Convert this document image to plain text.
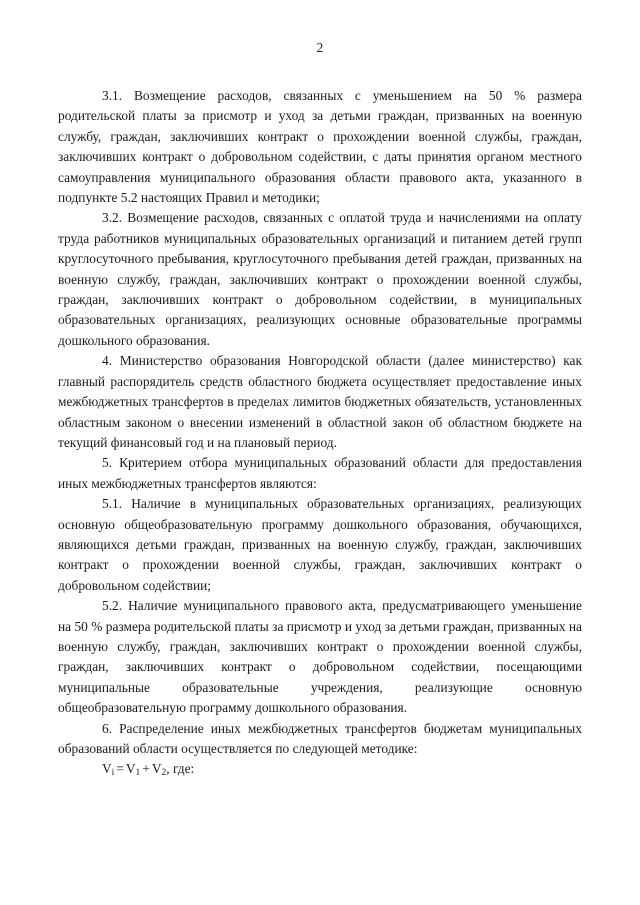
2

3.1. Возмещение расходов, связанных с уменьшением на 50 % размера родительской платы за присмотр и уход за детьми граждан, призванных на военную службу, граждан, заключивших контракт о прохождении военной службы, граждан, заключивших контракт о добровольном содействии, с даты принятия органом местного самоуправления муниципального образования области правового акта, указанного в подпункте 5.2 настоящих Правил и методики;

3.2. Возмещение расходов, связанных с оплатой труда и начислениями на оплату труда работников муниципальных образовательных организаций и питанием детей групп круглосуточного пребывания, круглосуточного пребывания детей граждан, призванных на военную службу, граждан, заключивших контракт о прохождении военной службы, граждан, заключивших контракт о добровольном содействии, в муниципальных образовательных организациях, реализующих основные образовательные программы дошкольного образования.

4. Министерство образования Новгородской области (далее министерство) как главный распорядитель средств областного бюджета осуществляет предоставление иных межбюджетных трансфертов в пределах лимитов бюджетных обязательств, установленных областным законом о внесении изменений в областной закон об областном бюджете на текущий финансовый год и на плановый период.

5. Критерием отбора муниципальных образований области для предоставления иных межбюджетных трансфертов являются:

5.1. Наличие в муниципальных образовательных организациях, реализующих основную общеобразовательную программу дошкольного образования, обучающихся, являющихся детьми граждан, призванных на военную службу, граждан, заключивших контракт о прохождении военной службы, граждан, заключивших контракт о добровольном содействии;

5.2. Наличие муниципального правового акта, предусматривающего уменьшение на 50 % размера родительской платы за присмотр и уход за детьми граждан, призванных на военную службу, граждан, заключивших контракт о прохождении военной службы, граждан, заключивших контракт о добровольном содействии, посещающими муниципальные образовательные учреждения, реализующие основную общеобразовательную программу дошкольного образования.

6. Распределение иных межбюджетных трансфертов бюджетам муниципальных образований области осуществляется по следующей методике:

$V_i = V_1 + V_2$, где:
